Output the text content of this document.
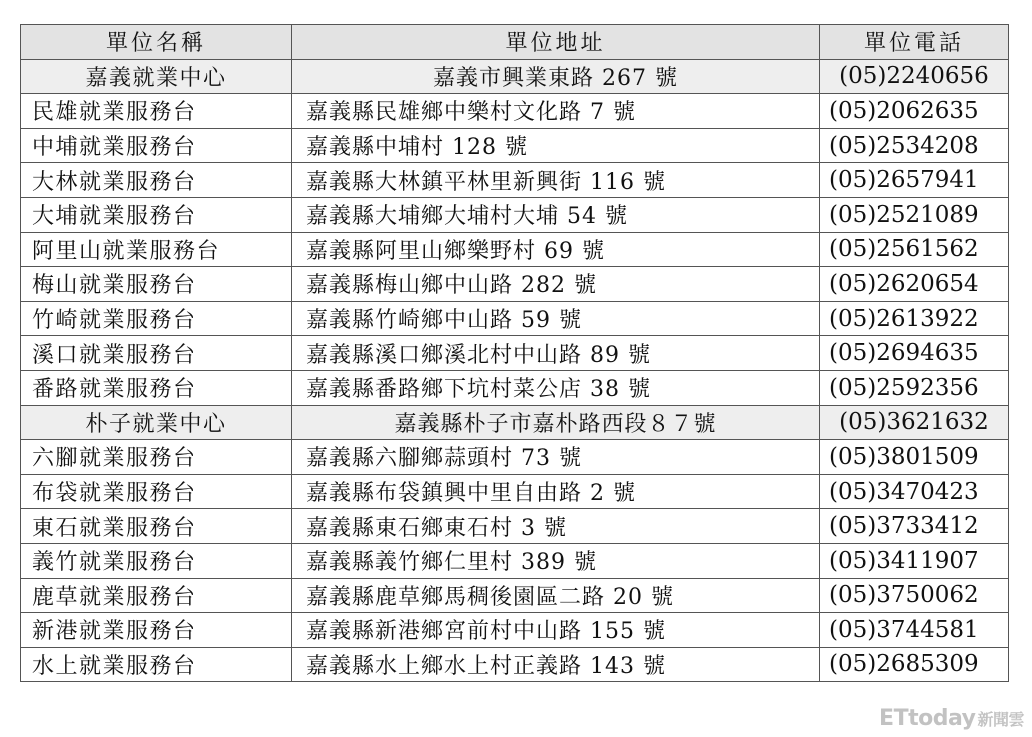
單位名稱	單位地址	單位電話
嘉義就業中心	嘉義市興業東路 267 號	(05)2240656
民雄就業服務台	嘉義縣民雄鄉中樂村文化路 7 號	(05)2062635
中埔就業服務台	嘉義縣中埔村 128 號	(05)2534208
大林就業服務台	嘉義縣大林鎮平林里新興街 116 號	(05)2657941
大埔就業服務台	嘉義縣大埔鄉大埔村大埔 54 號	(05)2521089
阿里山就業服務台	嘉義縣阿里山鄉樂野村 69 號	(05)2561562
梅山就業服務台	嘉義縣梅山鄉中山路 282 號	(05)2620654
竹崎就業服務台	嘉義縣竹崎鄉中山路 59 號	(05)2613922
溪口就業服務台	嘉義縣溪口鄉溪北村中山路 89 號	(05)2694635
番路就業服務台	嘉義縣番路鄉下坑村菜公店 38 號	(05)2592356
朴子就業中心	嘉義縣朴子市嘉朴路西段８７號	(05)3621632
六腳就業服務台	嘉義縣六腳鄉蒜頭村 73 號	(05)3801509
布袋就業服務台	嘉義縣布袋鎮興中里自由路 2 號	(05)3470423
東石就業服務台	嘉義縣東石鄉東石村 3 號	(05)3733412
義竹就業服務台	嘉義縣義竹鄉仁里村 389 號	(05)3411907
鹿草就業服務台	嘉義縣鹿草鄉馬稠後園區二路 20 號	(05)3750062
新港就業服務台	嘉義縣新港鄉宮前村中山路 155 號	(05)3744581
水上就業服務台	嘉義縣水上鄉水上村正義路 143 號	(05)2685309
ETtoday 新聞雲
